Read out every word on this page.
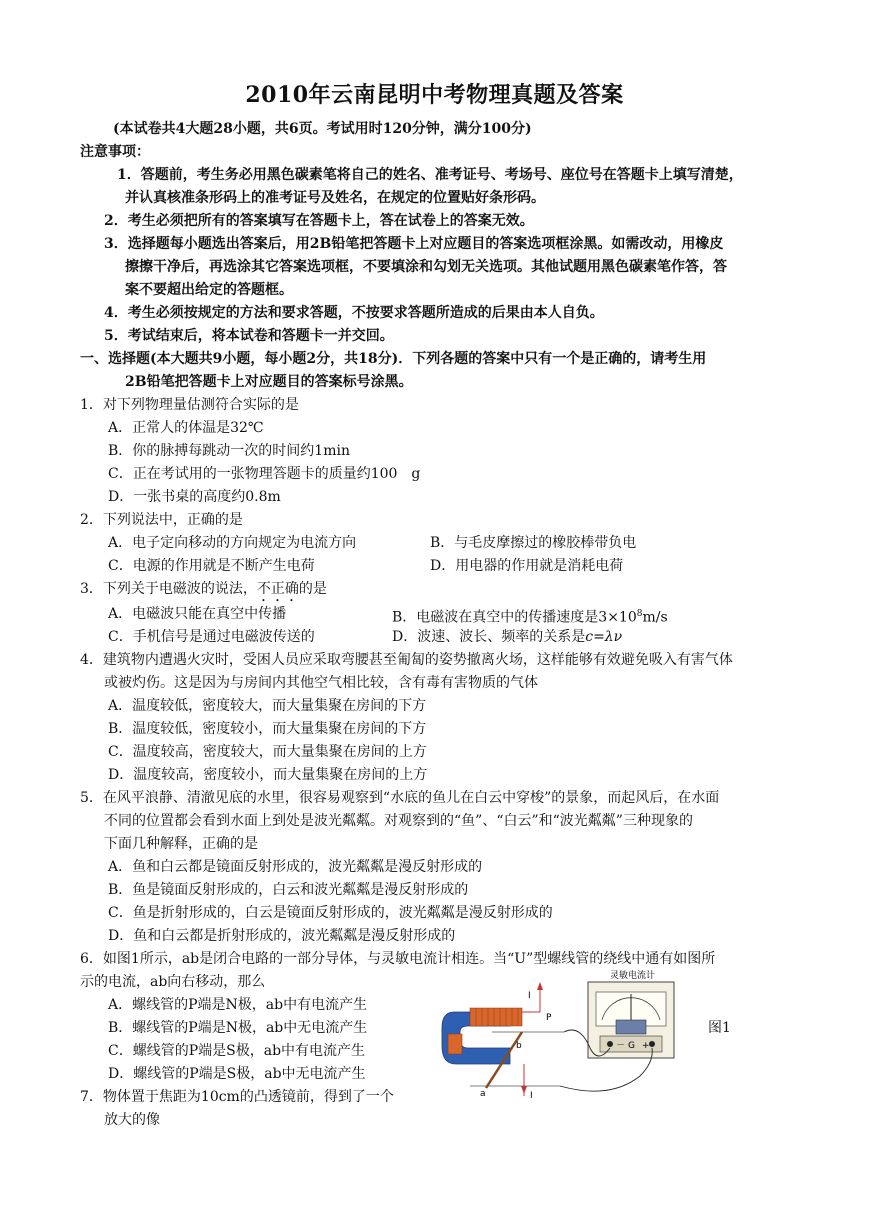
2010年云南昆明中考物理真题及答案
(本试卷共4大题28小题，共6页。考试用时120分钟，满分100分)
注意事项：
1．答题前，考生务必用黑色碳素笔将自己的姓名、准考证号、考场号、座位号在答题卡上填写清楚，
并认真核准条形码上的准考证号及姓名，在规定的位置贴好条形码。
2．考生必须把所有的答案填写在答题卡上，答在试卷上的答案无效。
3．选择题每小题选出答案后，用2B铅笔把答题卡上对应题目的答案选项框涂黑。如需改动，用橡皮
擦擦干净后，再选涂其它答案选项框，不要填涂和勾划无关选项。其他试题用黑色碳素笔作答，答
案不要超出给定的答题框。
4．考生必须按规定的方法和要求答题，不按要求答题所造成的后果由本人自负。
5．考试结束后，将本试卷和答题卡一并交回。
一、选择题(本大题共9小题，每小题2分，共18分)．下列各题的答案中只有一个是正确的，请考生用
2B铅笔把答题卡上对应题目的答案标号涂黑。
1．对下列物理量估测符合实际的是
A．正常人的体温是32℃
B．你的脉搏每跳动一次的时间约1min
C．正在考试用的一张物理答题卡的质量约100　g
D．一张书桌的高度约0.8m
2．下列说法中，正确的是
A．电子定向移动的方向规定为电流方向	B．与毛皮摩擦过的橡胶棒带负电
C．电源的作用就是不断产生电荷	D．用电器的作用就是消耗电荷
3．下列关于电磁波的说法，不正确的是
A．电磁波只能在真空中传播	B．电磁波在真空中的传播速度是$3\times 10^8m/s$
C．手机信号是通过电磁波传送的	D．波速、波长、频率的关系是c=λν
4．建筑物内遭遇火灾时，受困人员应采取弯腰甚至匍匐的姿势撤离火场，这样能够有效避免吸入有害气体
或被灼伤。这是因为与房间内其他空气相比较，含有毒有害物质的气体
A．温度较低，密度较大，而大量集聚在房间的下方
B．温度较低，密度较小，而大量集聚在房间的下方
C．温度较高，密度较大，而大量集聚在房间的上方
D．温度较高，密度较小，而大量集聚在房间的上方
5．在风平浪静、清澈见底的水里，很容易观察到“水底的鱼儿在白云中穿梭”的景象，而起风后，在水面
不同的位置都会看到水面上到处是波光粼粼。对观察到的“鱼”、“白云”和“波光粼粼”三种现象的
下面几种解释，正确的是
A．鱼和白云都是镜面反射形成的，波光粼粼是漫反射形成的
B．鱼是镜面反射形成的，白云和波光粼粼是漫反射形成的
C．鱼是折射形成的，白云是镜面反射形成的，波光粼粼是漫反射形成的
D．鱼和白云都是折射形成的，波光粼粼是漫反射形成的
6．如图1所示，ab是闭合电路的一部分导体，与灵敏电流计相连。当“U”型螺线管的绕线中通有如图所
示的电流，ab向右移动，那么
A．螺线管的P端是N极，ab中有电流产生
B．螺线管的P端是N极，ab中无电流产生
C．螺线管的P端是S极，ab中有电流产生
D．螺线管的P端是S极，ab中无电流产生
7．物体置于焦距为10cm的凸透镜前，得到了一个
放大的像
－ G +
灵敏电流计
I
P
I
a
b
图1
